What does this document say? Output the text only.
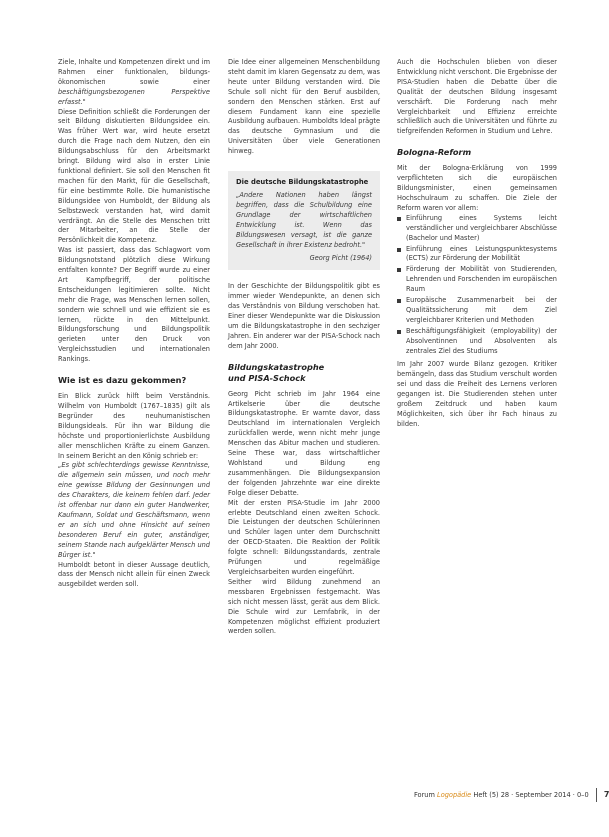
Ziele, Inhalte und Kompetenzen direkt und im Rahmen einer funktionalen, bildungs-ökonomischen sowie einer beschäftigungsbezogenen Perspektive erfasst."

Diese Definition schließt die Forderungen der seit Bildung diskutierten Bildungsidee ein. Was früher Wert war, wird heute ersetzt durch die Frage nach dem Nutzen, den ein Bildungsabschluss für den Arbeitsmarkt bringt. Bildung wird also in erster Linie funktional definiert. Sie soll den Menschen fit machen für den Markt, für die Gesellschaft, für eine bestimmte Rolle. Die humanistische Bildungsidee von Humboldt, der Bildung als Selbstzweck verstanden hat, wird damit verdrängt. An die Stelle des Menschen tritt der Mitarbeiter, an die Stelle der Persönlichkeit die Kompetenz.

Was ist passiert, dass das Schlagwort vom Bildungsnotstand plötzlich diese Wirkung entfalten konnte? Der Begriff wurde zu einer Art Kampfbegriff, der politische Entscheidungen legitimieren sollte. Nicht mehr die Frage, was Menschen lernen sollen, sondern wie schnell und wie effizient sie es lernen, rückte in den Mittelpunkt. Bildungsforschung und Bildungspolitik gerieten unter den Druck von Vergleichsstudien und internationalen Rankings.

Wie ist es dazu gekommen?

Ein Blick zurück hilft beim Verständnis. Wilhelm von Humboldt (1767–1835) gilt als Begründer des neuhumanistischen Bildungsideals. Für ihn war Bildung die höchste und proportionierlichste Ausbildung aller menschlichen Kräfte zu einem Ganzen. In seinem Bericht an den König schrieb er:

„Es gibt schlechterdings gewisse Kenntnisse, die allgemein sein müssen, und noch mehr eine gewisse Bildung der Gesinnungen und des Charakters, die keinem fehlen darf. Jeder ist offenbar nur dann ein guter Handwerker, Kaufmann, Soldat und Geschäftsmann, wenn er an sich und ohne Hinsicht auf seinen besonderen Beruf ein guter, anständiger, seinem Stande nach aufgeklärter Mensch und Bürger ist."

Humboldt betont in dieser Aussage deutlich, dass der Mensch nicht allein für einen Zweck ausgebildet werden soll.

Die Idee einer allgemeinen Menschenbildung steht damit im klaren Gegensatz zu dem, was heute unter Bildung verstanden wird. Die Schule soll nicht für den Beruf ausbilden, sondern den Menschen stärken. Erst auf diesem Fundament kann eine spezielle Ausbildung aufbauen. Humboldts Ideal prägte das deutsche Gymnasium und die Universitäten über viele Generationen hinweg.

Die deutsche Bildungskatastrophe
„Andere Nationen haben längst begriffen, dass die Schulbildung eine Grundlage der wirtschaftlichen Entwicklung ist. Wenn das Bildungswesen versagt, ist die ganze Gesellschaft in ihrer Existenz bedroht."
Georg Picht (1964)

In der Geschichte der Bildungspolitik gibt es immer wieder Wendepunkte, an denen sich das Verständnis von Bildung verschoben hat. Einer dieser Wendepunkte war die Diskussion um die Bildungskatastrophe in den sechziger Jahren. Ein anderer war der PISA-Schock nach dem Jahr 2000.

Bildungskatastrophe
und PISA-Schock

Georg Picht schrieb im Jahr 1964 eine Artikelserie über die deutsche Bildungskatastrophe. Er warnte davor, dass Deutschland im internationalen Vergleich zurückfallen werde, wenn nicht mehr junge Menschen das Abitur machen und studieren. Seine These war, dass wirtschaftlicher Wohlstand und Bildung eng zusammenhängen. Die Bildungsexpansion der folgenden Jahrzehnte war eine direkte Folge dieser Debatte.

Mit der ersten PISA-Studie im Jahr 2000 erlebte Deutschland einen zweiten Schock. Die Leistungen der deutschen Schülerinnen und Schüler lagen unter dem Durchschnitt der OECD-Staaten. Die Reaktion der Politik folgte schnell: Bildungsstandards, zentrale Prüfungen und regelmäßige Vergleichsarbeiten wurden eingeführt.

Seither wird Bildung zunehmend an messbaren Ergebnissen festgemacht. Was sich nicht messen lässt, gerät aus dem Blick. Die Schule wird zur Lernfabrik, in der Kompetenzen möglichst effizient produziert werden sollen.

Auch die Hochschulen blieben von dieser Entwicklung nicht verschont. Die Ergebnisse der PISA-Studien haben die Debatte über die Qualität der deutschen Bildung insgesamt verschärft. Die Forderung nach mehr Vergleichbarkeit und Effizienz erreichte schließlich auch die Universitäten und führte zu tiefgreifenden Reformen in Studium und Lehre.

Bologna-Reform

Mit der Bologna-Erklärung von 1999 verpflichteten sich die europäischen Bildungsminister, einen gemeinsamen Hochschulraum zu schaffen. Die Ziele der Reform waren vor allem:

Einführung eines Systems leicht verständlicher und vergleichbarer Abschlüsse (Bachelor und Master)
Einführung eines Leistungspunktesystems (ECTS) zur Förderung der Mobilität
Förderung der Mobilität von Studierenden, Lehrenden und Forschenden im europäischen Raum
Europäische Zusammenarbeit bei der Qualitätssicherung mit dem Ziel vergleichbarer Kriterien und Methoden
Beschäftigungsfähigkeit (employability) der Absolventinnen und Absolventen als zentrales Ziel des Studiums

Im Jahr 2007 wurde Bilanz gezogen. Kritiker bemängeln, dass das Studium verschult worden sei und dass die Freiheit des Lernens verloren gegangen ist. Die Studierenden stehen unter großem Zeitdruck und haben kaum Möglichkeiten, sich über ihr Fach hinaus zu bilden.

Forum Logopädie Heft (5) 28 · September 2014 · 0–0 7
